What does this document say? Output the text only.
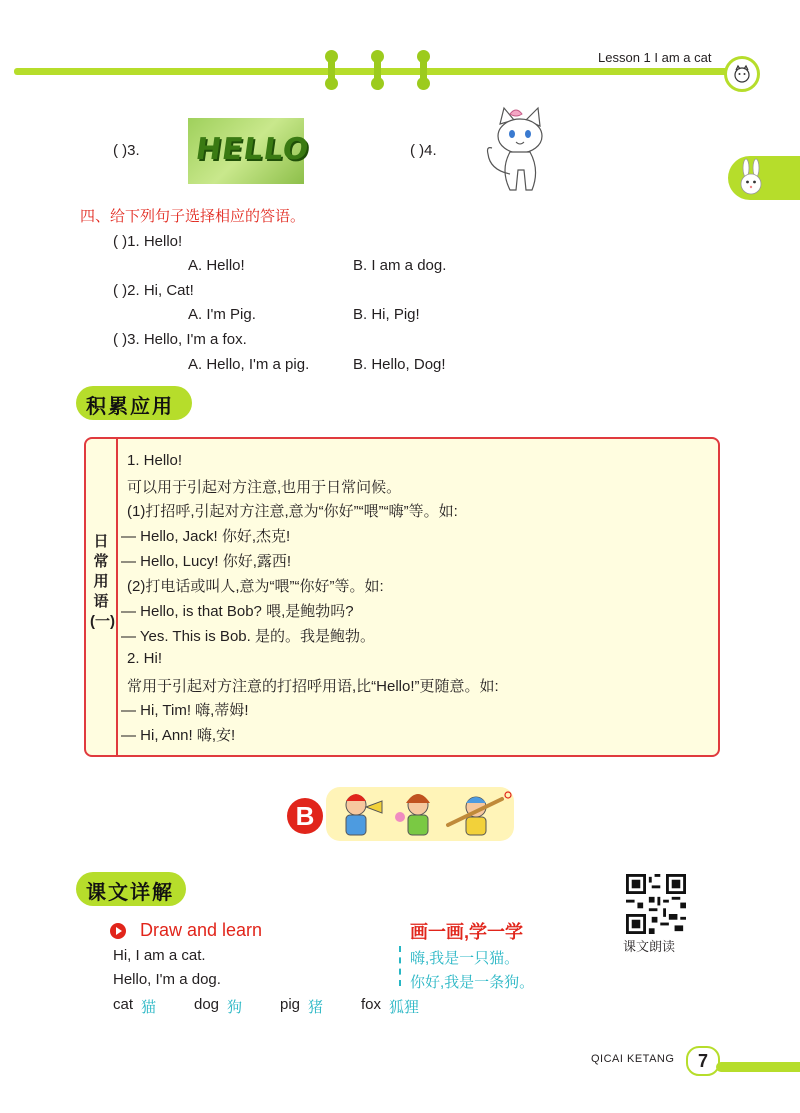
Lesson 1 I am a cat
( )3. HELLO	( )4.
四、给下列句子选择相应的答语。
( )1. Hello!
A. Hello!	B. I am a dog.
( )2. Hi, Cat!
A. I'm Pig.	B. Hi, Pig!
( )3. Hello, I'm a fox.
A. Hello, I'm a pig.	B. Hello, Dog!
积累应用
日常用语(一)
1. Hello!
可以用于引起对方注意,也用于日常问候。
(1)打招呼,引起对方注意,意为“你好”“喂”“嗨”等。如:
— Hello, Jack! 你好,杰克!
— Hello, Lucy! 你好,露西!
(2)打电话或叫人,意为“喂”“你好”等。如:
— Hello, is that Bob? 喂,是鲍勃吗?
— Yes. This is Bob. 是的。我是鲍勃。
2. Hi!
常用于引起对方注意的打招呼用语,比“Hello!”更随意。如:
— Hi, Tim! 嗨,蒂姆!
— Hi, Ann! 嗨,安!
B
课文详解
课文朗读
Draw and learn	画一画,学一学
Hi, I am a cat.	嗨,我是一只猫。
Hello, I'm a dog.	你好,我是一条狗。
cat 猫	dog 狗	pig 猪	fox 狐狸
QICAI KETANG	7
